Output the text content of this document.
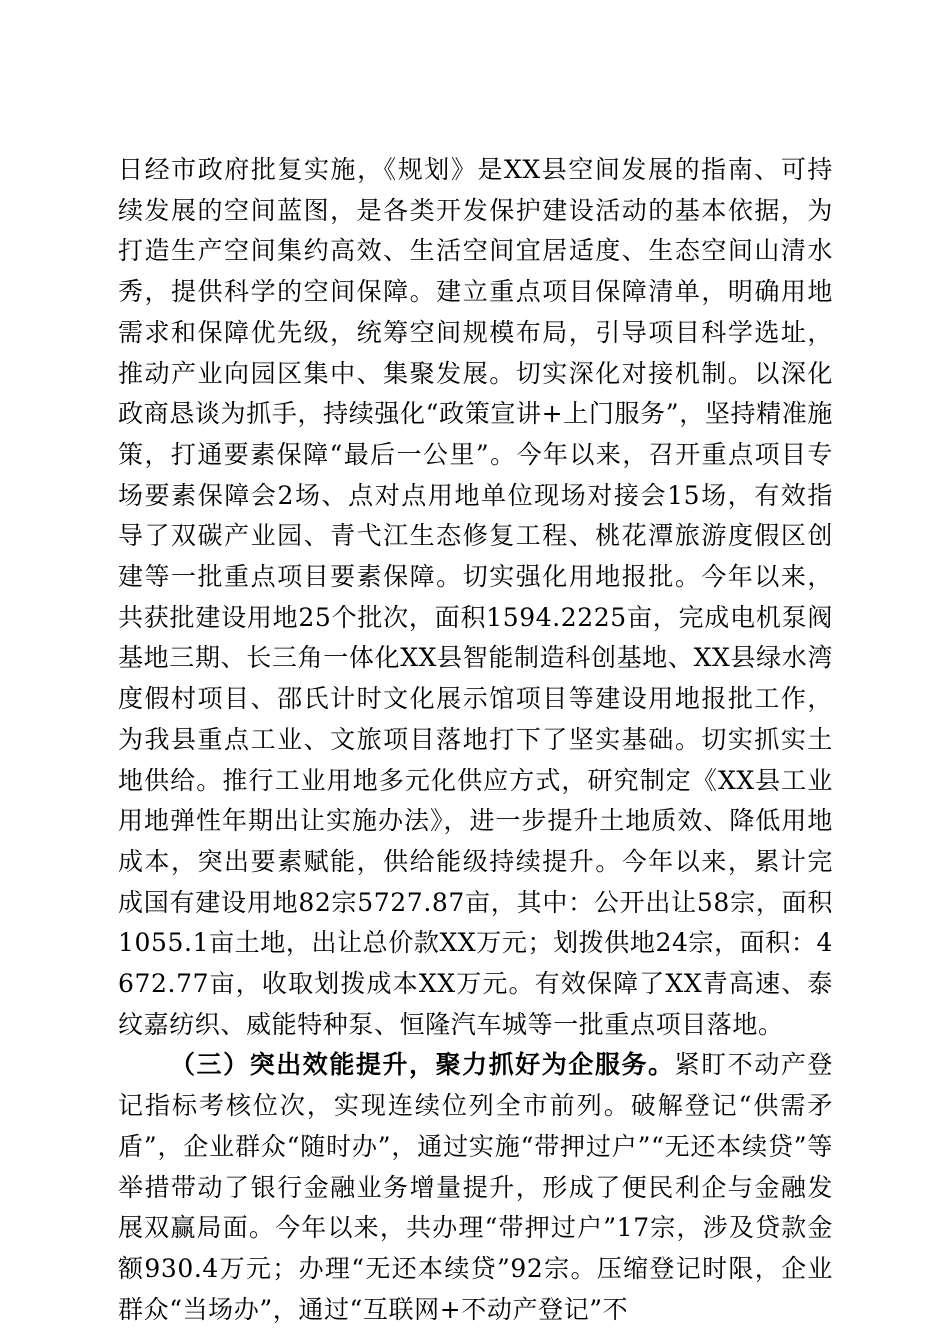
日经市政府批复实施，《规划》是XX县空间发展的指南、可持续发展的空间蓝图，是各类开发保护建设活动的基本依据，为打造生产空间集约高效、生活空间宜居适度、生态空间山清水秀，提供科学的空间保障。建立重点项目保障清单，明确用地需求和保障优先级，统筹空间规模布局，引导项目科学选址，推动产业向园区集中、集聚发展。切实深化对接机制。以深化政商恳谈为抓手，持续强化“政策宣讲+上门服务”，坚持精准施策，打通要素保障“最后一公里”。今年以来，召开重点项目专场要素保障会2场、点对点用地单位现场对接会15场，有效指导了双碳产业园、青弋江生态修复工程、桃花潭旅游度假区创建等一批重点项目要素保障。切实强化用地报批。今年以来，共获批建设用地25个批次，面积1594.2225亩，完成电机泵阀基地三期、长三角一体化XX县智能制造科创基地、XX县绿水湾度假村项目、邵氏计时文化展示馆项目等建设用地报批工作，为我县重点工业、文旅项目落地打下了坚实基础。切实抓实土地供给。推行工业用地多元化供应方式，研究制定《XX县工业用地弹性年期出让实施办法》，进一步提升土地质效、降低用地成本，突出要素赋能，供给能级持续提升。今年以来，累计完成国有建设用地82宗5727.87亩，其中：公开出让58宗，面积1055.1亩土地，出让总价款XX万元；划拨供地24宗，面积：4672.77亩，收取划拨成本XX万元。有效保障了XX青高速、泰纹嘉纺织、威能特种泵、恒隆汽车城等一批重点项目落地。

（三）突出效能提升，聚力抓好为企服务。紧盯不动产登记指标考核位次，实现连续位列全市前列。破解登记“供需矛盾”，企业群众“随时办”，通过实施“带押过户”“无还本续贷”等举措带动了银行金融业务增量提升，形成了便民利企与金融发展双赢局面。今年以来，共办理“带押过户”17宗，涉及贷款金额930.4万元；办理“无还本续贷”92宗。压缩登记时限，企业群众“当场办”，通过“互联网+不动产登记”不
